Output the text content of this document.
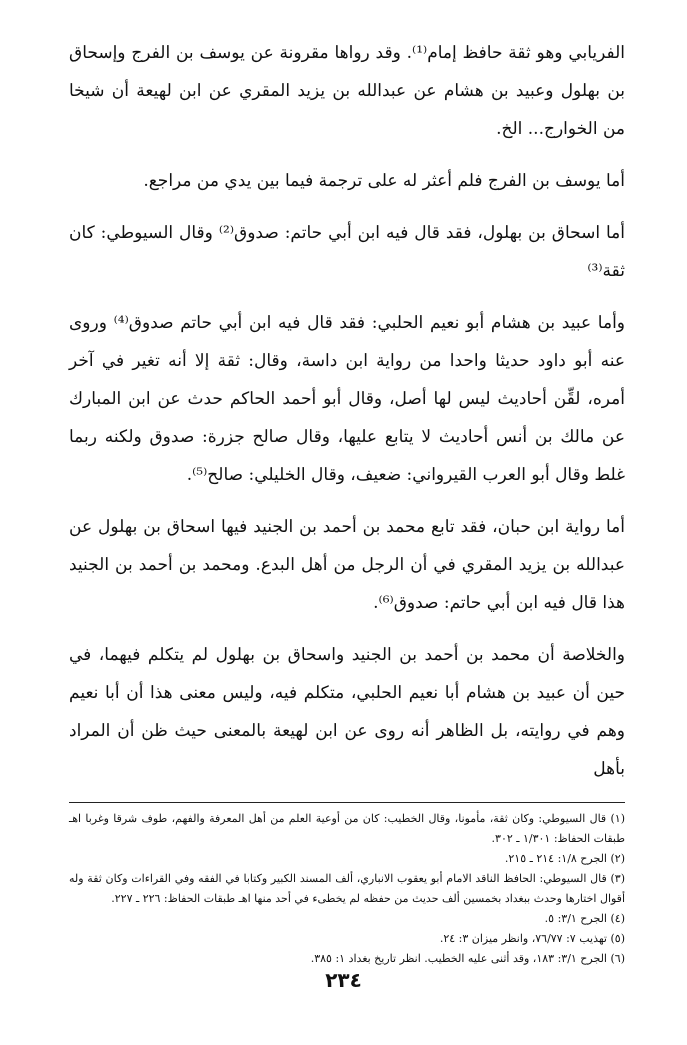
الفريابي وهو ثقة حافظ إمام⁽¹⁾. وقد رواها مقرونة عن يوسف بن الفرج وإسحاق بن بهلول وعبيد بن هشام عن عبدالله بن يزيد المقري عن ابن لهيعة أن شيخا من الخوارج... الخ.

أما يوسف بن الفرج فلم أعثر له على ترجمة فيما بين يدي من مراجع.

أما اسحاق بن بهلول، فقد قال فيه ابن أبي حاتم: صدوق⁽²⁾ وقال السيوطي: كان ثقة⁽³⁾

وأما عبيد بن هشام أبو نعيم الحلبي: فقد قال فيه ابن أبي حاتم صدوق⁽⁴⁾ وروى عنه أبو داود حديثا واحدا من رواية ابن داسة، وقال: ثقة إلا أنه تغير في آخر أمره، لقِّن أحاديث ليس لها أصل، وقال أبو أحمد الحاكم حدث عن ابن المبارك عن مالك بن أنس أحاديث لا يتابع عليها، وقال صالح جزرة: صدوق ولكنه ربما غلط وقال أبو العرب القيرواني: ضعيف، وقال الخليلي: صالح⁽⁵⁾.

أما رواية ابن حبان، فقد تابع محمد بن أحمد بن الجنيد فيها اسحاق بن بهلول عن عبدالله بن يزيد المقري في أن الرجل من أهل البدع. ومحمد بن أحمد بن الجنيد هذا قال فيه ابن أبي حاتم: صدوق⁽⁶⁾.

والخلاصة أن محمد بن أحمد بن الجنيد واسحاق بن بهلول لم يتكلم فيهما، في حين أن عبيد بن هشام أبا نعيم الحلبي، متكلم فيه، وليس معنى هذا أن أبا نعيم وهم في روايته، بل الظاهر أنه روى عن ابن لهيعة بالمعنى حيث ظن أن المراد بأهل

(١) قال السيوطي: وكان ثقة، مأمونا، وقال الخطيب: كان من أوعية العلم من أهل المعرفة والفهم، طوف شرقا وغربا اهـ طبقات الحفاظ: ١/٣٠١ ـ ٣٠٢.

(٢) الجرح ١/٨: ٢١٤ ـ ٢١٥.

(٣) قال السيوطي: الحافظ الناقد الامام أبو يعقوب الانباري، ألف المسند الكبير وكتابا في الفقه وفي القراءات وكان ثقة وله أقوال اختارها وحدث ببغداد بخمسين ألف حديث من حفظه لم يخطىء في أحد منها اهـ طبقات الحفاظ: ٢٢٦ ـ ٢٢٧.

(٤) الجرح ٣/١: ٥.

(٥) تهذيب ٧: ٧٦/٧٧، وانظر ميزان ٣: ٢٤.

(٦) الجرح ٣/١: ١٨٣، وقد أثنى عليه الخطيب. انظر تاريخ بغداد ١: ٣٨٥.

٢٣٤
